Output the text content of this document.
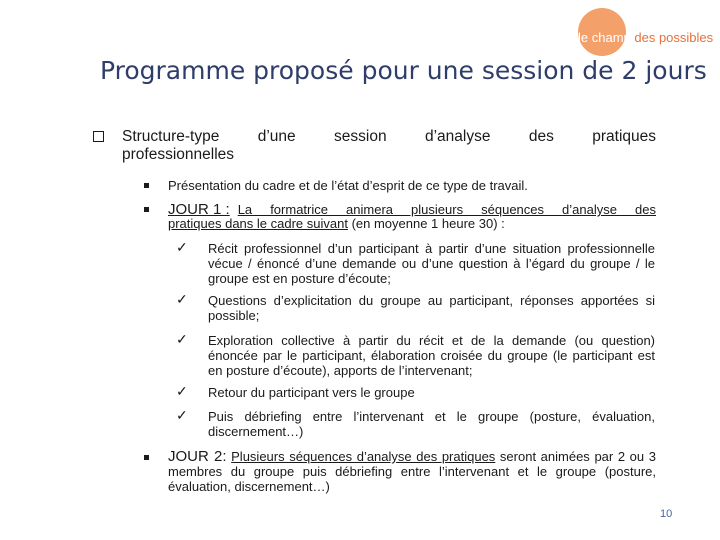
le champ des possibles
Programme proposé pour une session de 2 jours
Structure-type d’une session d’analyse des pratiques
professionnelles
Présentation du cadre et de l’état d’esprit de ce type de travail.
JOUR 1 : La formatrice animera plusieurs séquences d’analyse des
pratiques dans le cadre suivant (en moyenne 1 heure 30) :
✓ Récit professionnel d’un participant à partir d’une situation professionnelle vécue / énoncé d’une demande ou d’une question à l’égard du groupe / le groupe est en posture d’écoute;
✓ Questions d’explicitation du groupe au participant, réponses apportées si possible;
✓ Exploration collective à partir du récit et de la demande (ou question) énoncée par le participant, élaboration croisée du groupe (le participant est en posture d’écoute), apports de l’intervenant;
✓ Retour du participant vers le groupe
✓ Puis débriefing entre l’intervenant et le groupe (posture, évaluation, discernement…)
JOUR 2: Plusieurs séquences d’analyse des pratiques seront animées par 2 ou 3 membres du groupe puis débriefing entre l’intervenant et le groupe (posture, évaluation, discernement…)
10
